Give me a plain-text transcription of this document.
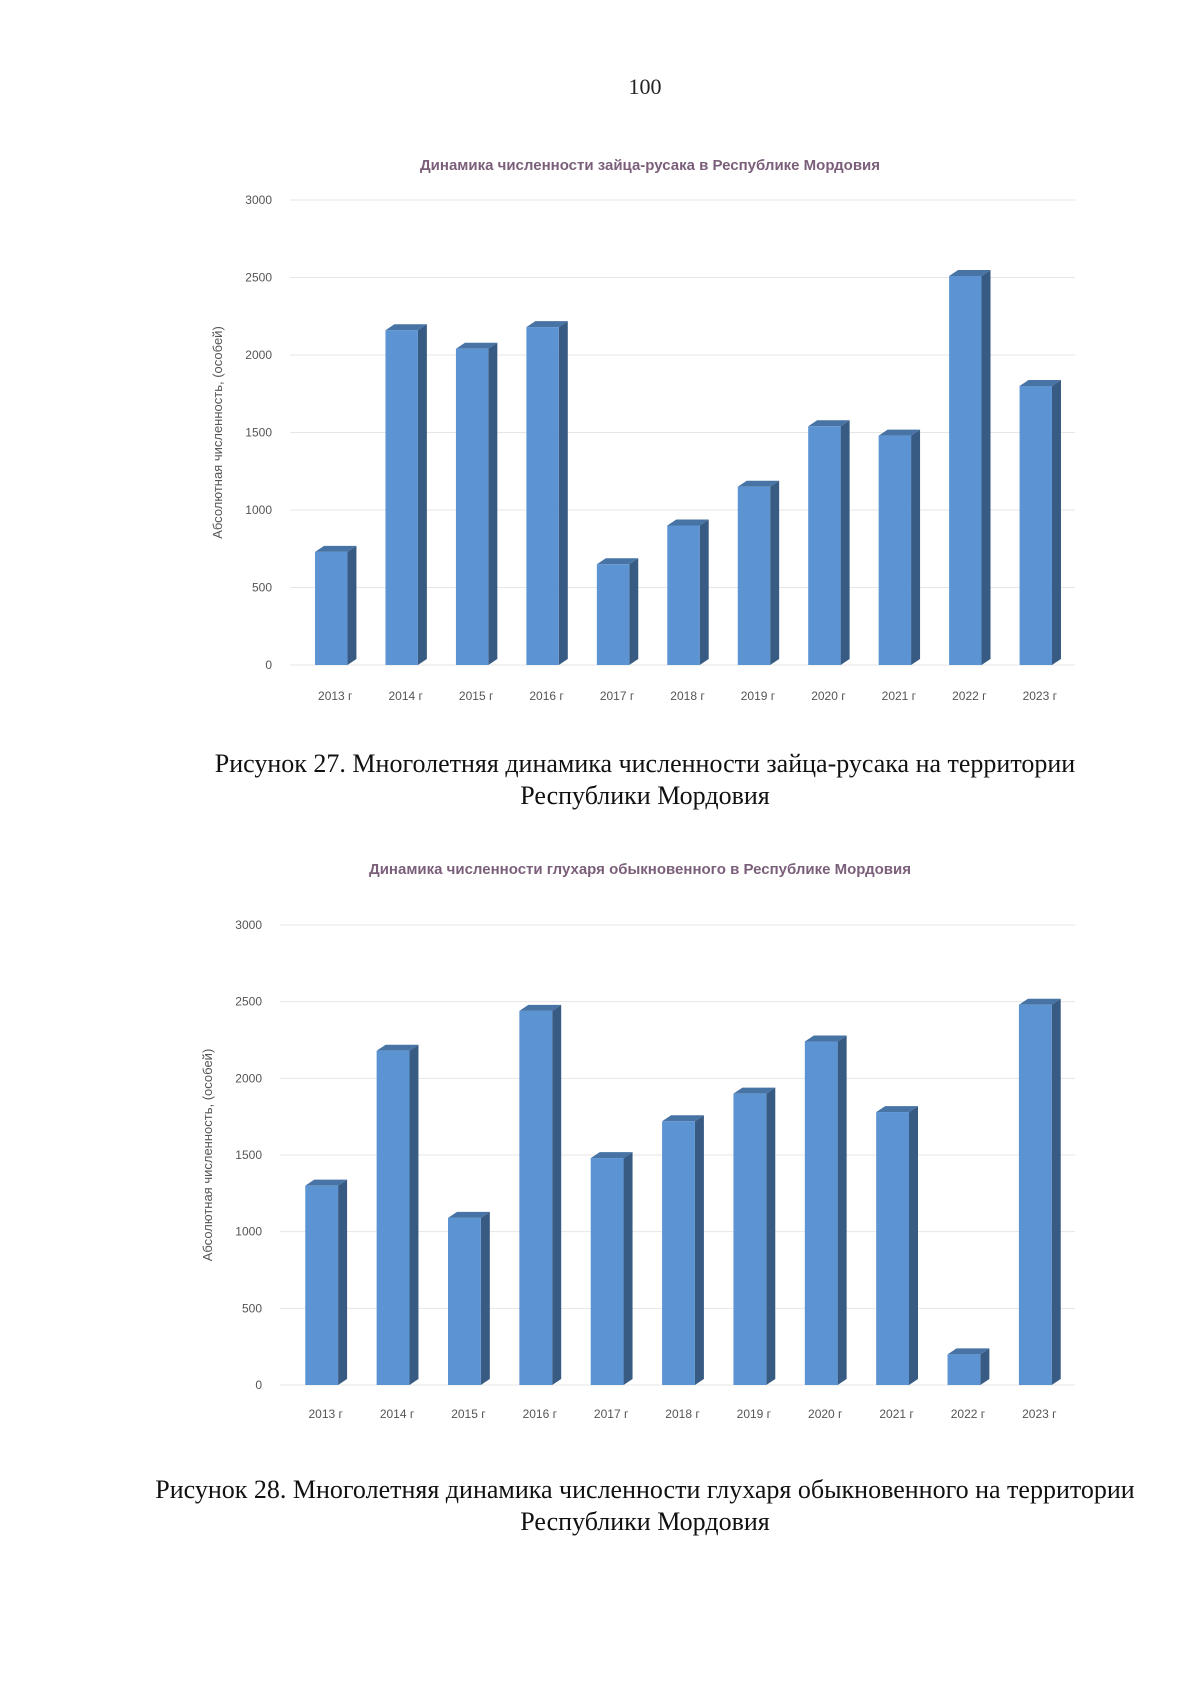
100
Динамика численности зайца-русака в Республике Мордовия
0
500
1000
1500
2000
2500
3000
Абсолютная численность, (особей)
2013 г	2014 г	2015 г	2016 г	2017 г	2018 г	2019 г	2020 г	2021 г	2022 г	2023 г
Рисунок 27. Многолетняя динамика численности зайца-русака на территории Республики Мордовия
Динамика численности глухаря обыкновенного в Республике Мордовия
0
500
1000
1500
2000
2500
3000
Абсолютная численность, (особей)
2013 г	2014 г	2015 г	2016 г	2017 г	2018 г	2019 г	2020 г	2021 г	2022 г	2023 г
Рисунок 28. Многолетняя динамика численности глухаря обыкновенного на территории Республики Мордовия
